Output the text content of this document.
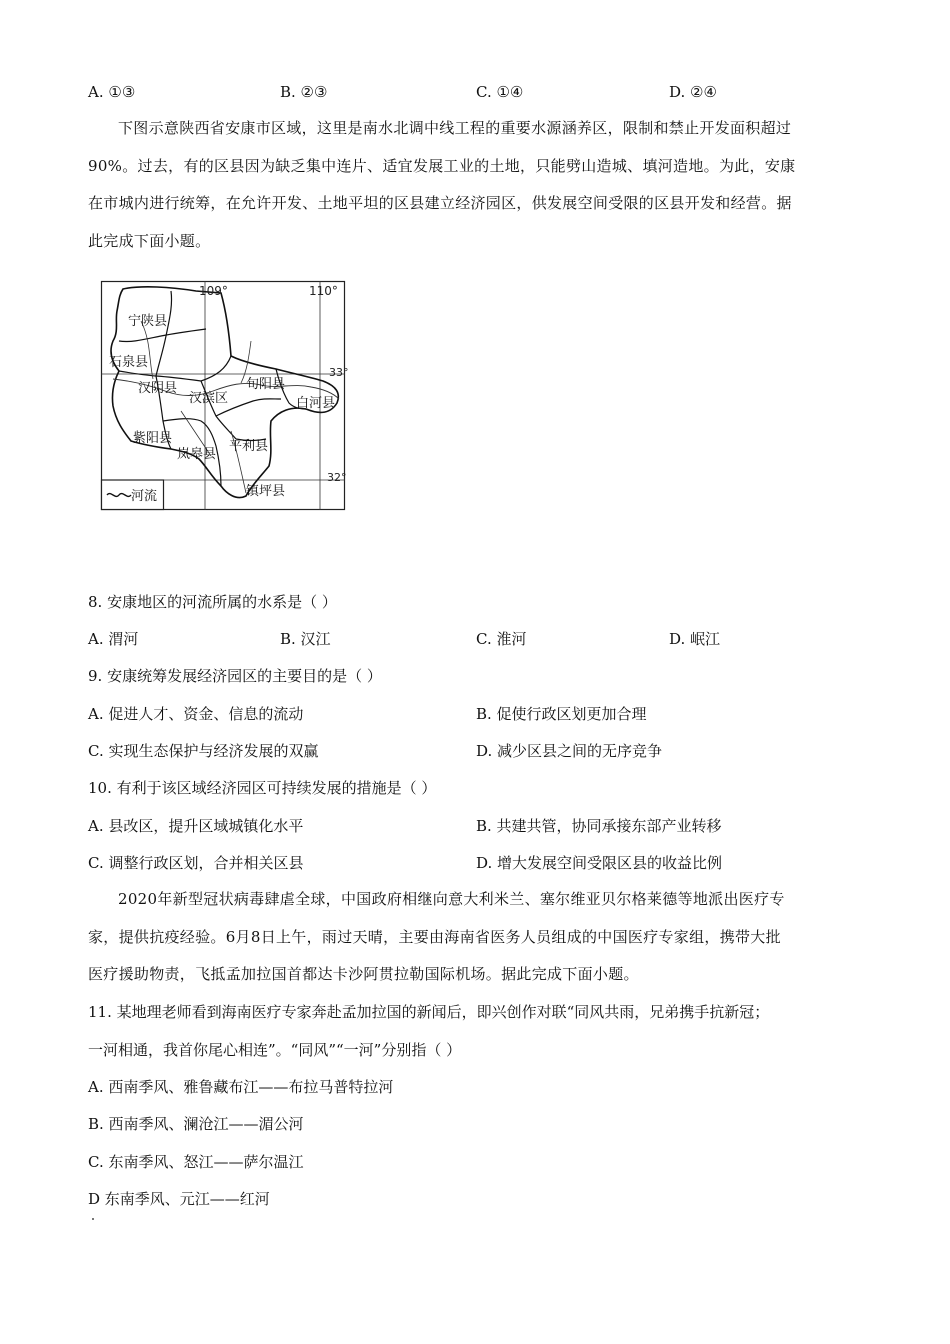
A. ①③	B. ②③	C. ①④	D. ②④
下图示意陕西省安康市区域，这里是南水北调中线工程的重要水源涵养区，限制和禁止开发面积超过
90%。过去，有的区县因为缺乏集中连片、适宜发展工业的土地，只能劈山造城、填河造地。为此，安康
在市城内进行统筹，在允许开发、土地平坦的区县建立经济园区，供发展空间受限的区县开发和经营。据
此完成下面小题。
109°	110°
33°
32°
宁陕县
石泉县
汉阴县
汉滨区
旬阳县
白河县
紫阳县
岚皋县
平利县
镇坪县
河流
8. 安康地区的河流所属的水系是（ ）
A. 渭河	B. 汉江	C. 淮河	D. 岷江
9. 安康统筹发展经济园区的主要目的是（ ）
A. 促进人才、资金、信息的流动	B. 促使行政区划更加合理
C. 实现生态保护与经济发展的双赢	D. 减少区县之间的无序竞争
10. 有利于该区域经济园区可持续发展的措施是（ ）
A. 县改区，提升区域城镇化水平	B. 共建共管，协同承接东部产业转移
C. 调整行政区划，合并相关区县	D. 增大发展空间受限区县的收益比例
2020年新型冠状病毒肆虐全球，中国政府相继向意大利米兰、塞尔维亚贝尔格莱德等地派出医疗专
家，提供抗疫经验。6月8日上午，雨过天晴，主要由海南省医务人员组成的中国医疗专家组，携带大批
医疗援助物责，飞抵孟加拉国首都达卡沙阿贯拉勒国际机场。据此完成下面小题。
11. 某地理老师看到海南医疗专家奔赴孟加拉国的新闻后，即兴创作对联“同风共雨，兄弟携手抗新冠；
一河相通，我首你尾心相连”。“同风”“一河”分别指（ ）
A. 西南季风、雅鲁藏布江——布拉马普特拉河
B. 西南季风、澜沧江——湄公河
C. 东南季风、怒江——萨尔温江
D 东南季风、元江——红河
